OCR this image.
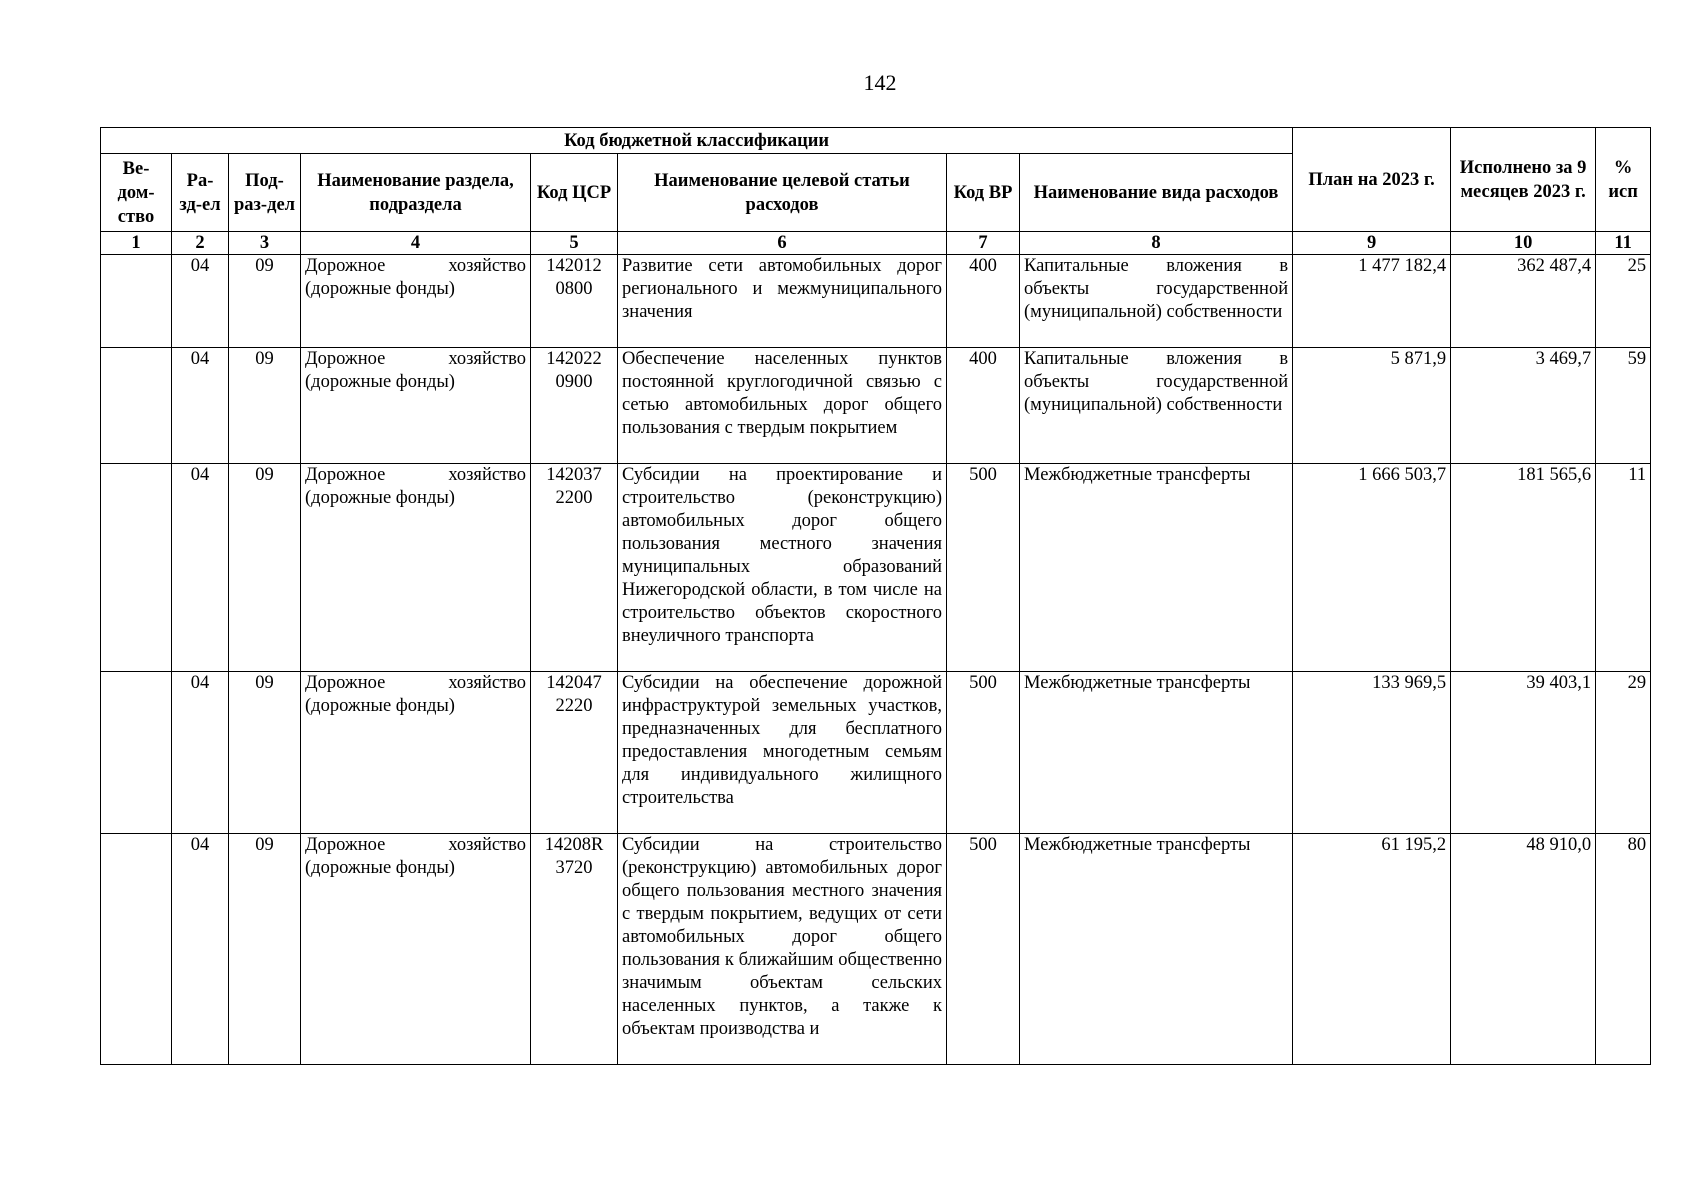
142
Код бюджетной классификации								План на 2023 г.	Исполнено за 9 месяцев 2023 г.	% исп
Ве-дом-ство	Ра-зд-ел	Под-раз-дел	Наименование раздела, подраздела	Код ЦСР	Наименование целевой статьи расходов	Код ВР	Наименование вида расходов			
1	2	3	4	5	6	7	8	9	10	11
	04	09	Дорожное хозяйство (дорожные фонды)	142012 0800	Развитие сети автомобильных дорог регионального и межмуниципального значения	400	Капитальные вложения в объекты государственной (муниципальной) собственности	1 477 182,4	362 487,4	25
	04	09	Дорожное хозяйство (дорожные фонды)	142022 0900	Обеспечение населенных пунктов постоянной круглогодичной связью с сетью автомобильных дорог общего пользования с твердым покрытием	400	Капитальные вложения в объекты государственной (муниципальной) собственности	5 871,9	3 469,7	59
	04	09	Дорожное хозяйство (дорожные фонды)	142037 2200	Субсидии на проектирование и строительство (реконструкцию) автомобильных дорог общего пользования местного значения муниципальных образований Нижегородской области, в том числе на строительство объектов скоростного внеуличного транспорта	500	Межбюджетные трансферты	1 666 503,7	181 565,6	11
	04	09	Дорожное хозяйство (дорожные фонды)	142047 2220	Субсидии на обеспечение дорожной инфраструктурой земельных участков, предназначенных для бесплатного предоставления многодетным семьям для индивидуального жилищного строительства	500	Межбюджетные трансферты	133 969,5	39 403,1	29
	04	09	Дорожное хозяйство (дорожные фонды)	14208R 3720	Субсидии на строительство (реконструкцию) автомобильных дорог общего пользования местного значения с твердым покрытием, ведущих от сети автомобильных дорог общего пользования к ближайшим общественно значимым объектам сельских населенных пунктов, а также к объектам производства и	500	Межбюджетные трансферты	61 195,2	48 910,0	80
